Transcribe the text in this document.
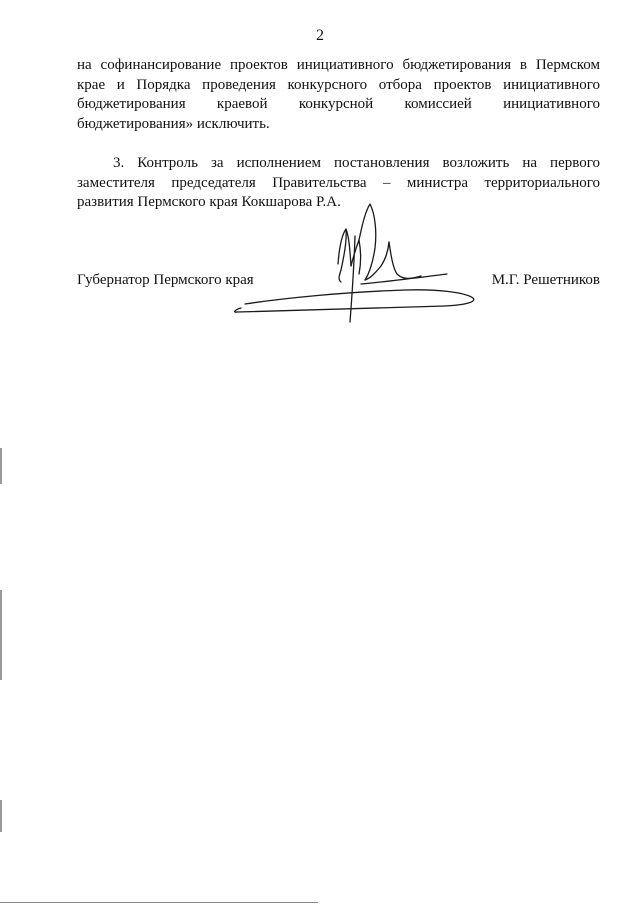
2
на софинансирование проектов инициативного бюджетирования в Пермском
крае и Порядка проведения конкурсного отбора проектов инициативного
бюджетирования краевой конкурсной комиссией инициативного
бюджетирования» исключить.
3. Контроль за исполнением постановления возложить на первого
заместителя председателя Правительства – министра территориального
развития Пермского края Кокшарова Р.А.
Губернатор Пермского края	М.Г. Решетников
